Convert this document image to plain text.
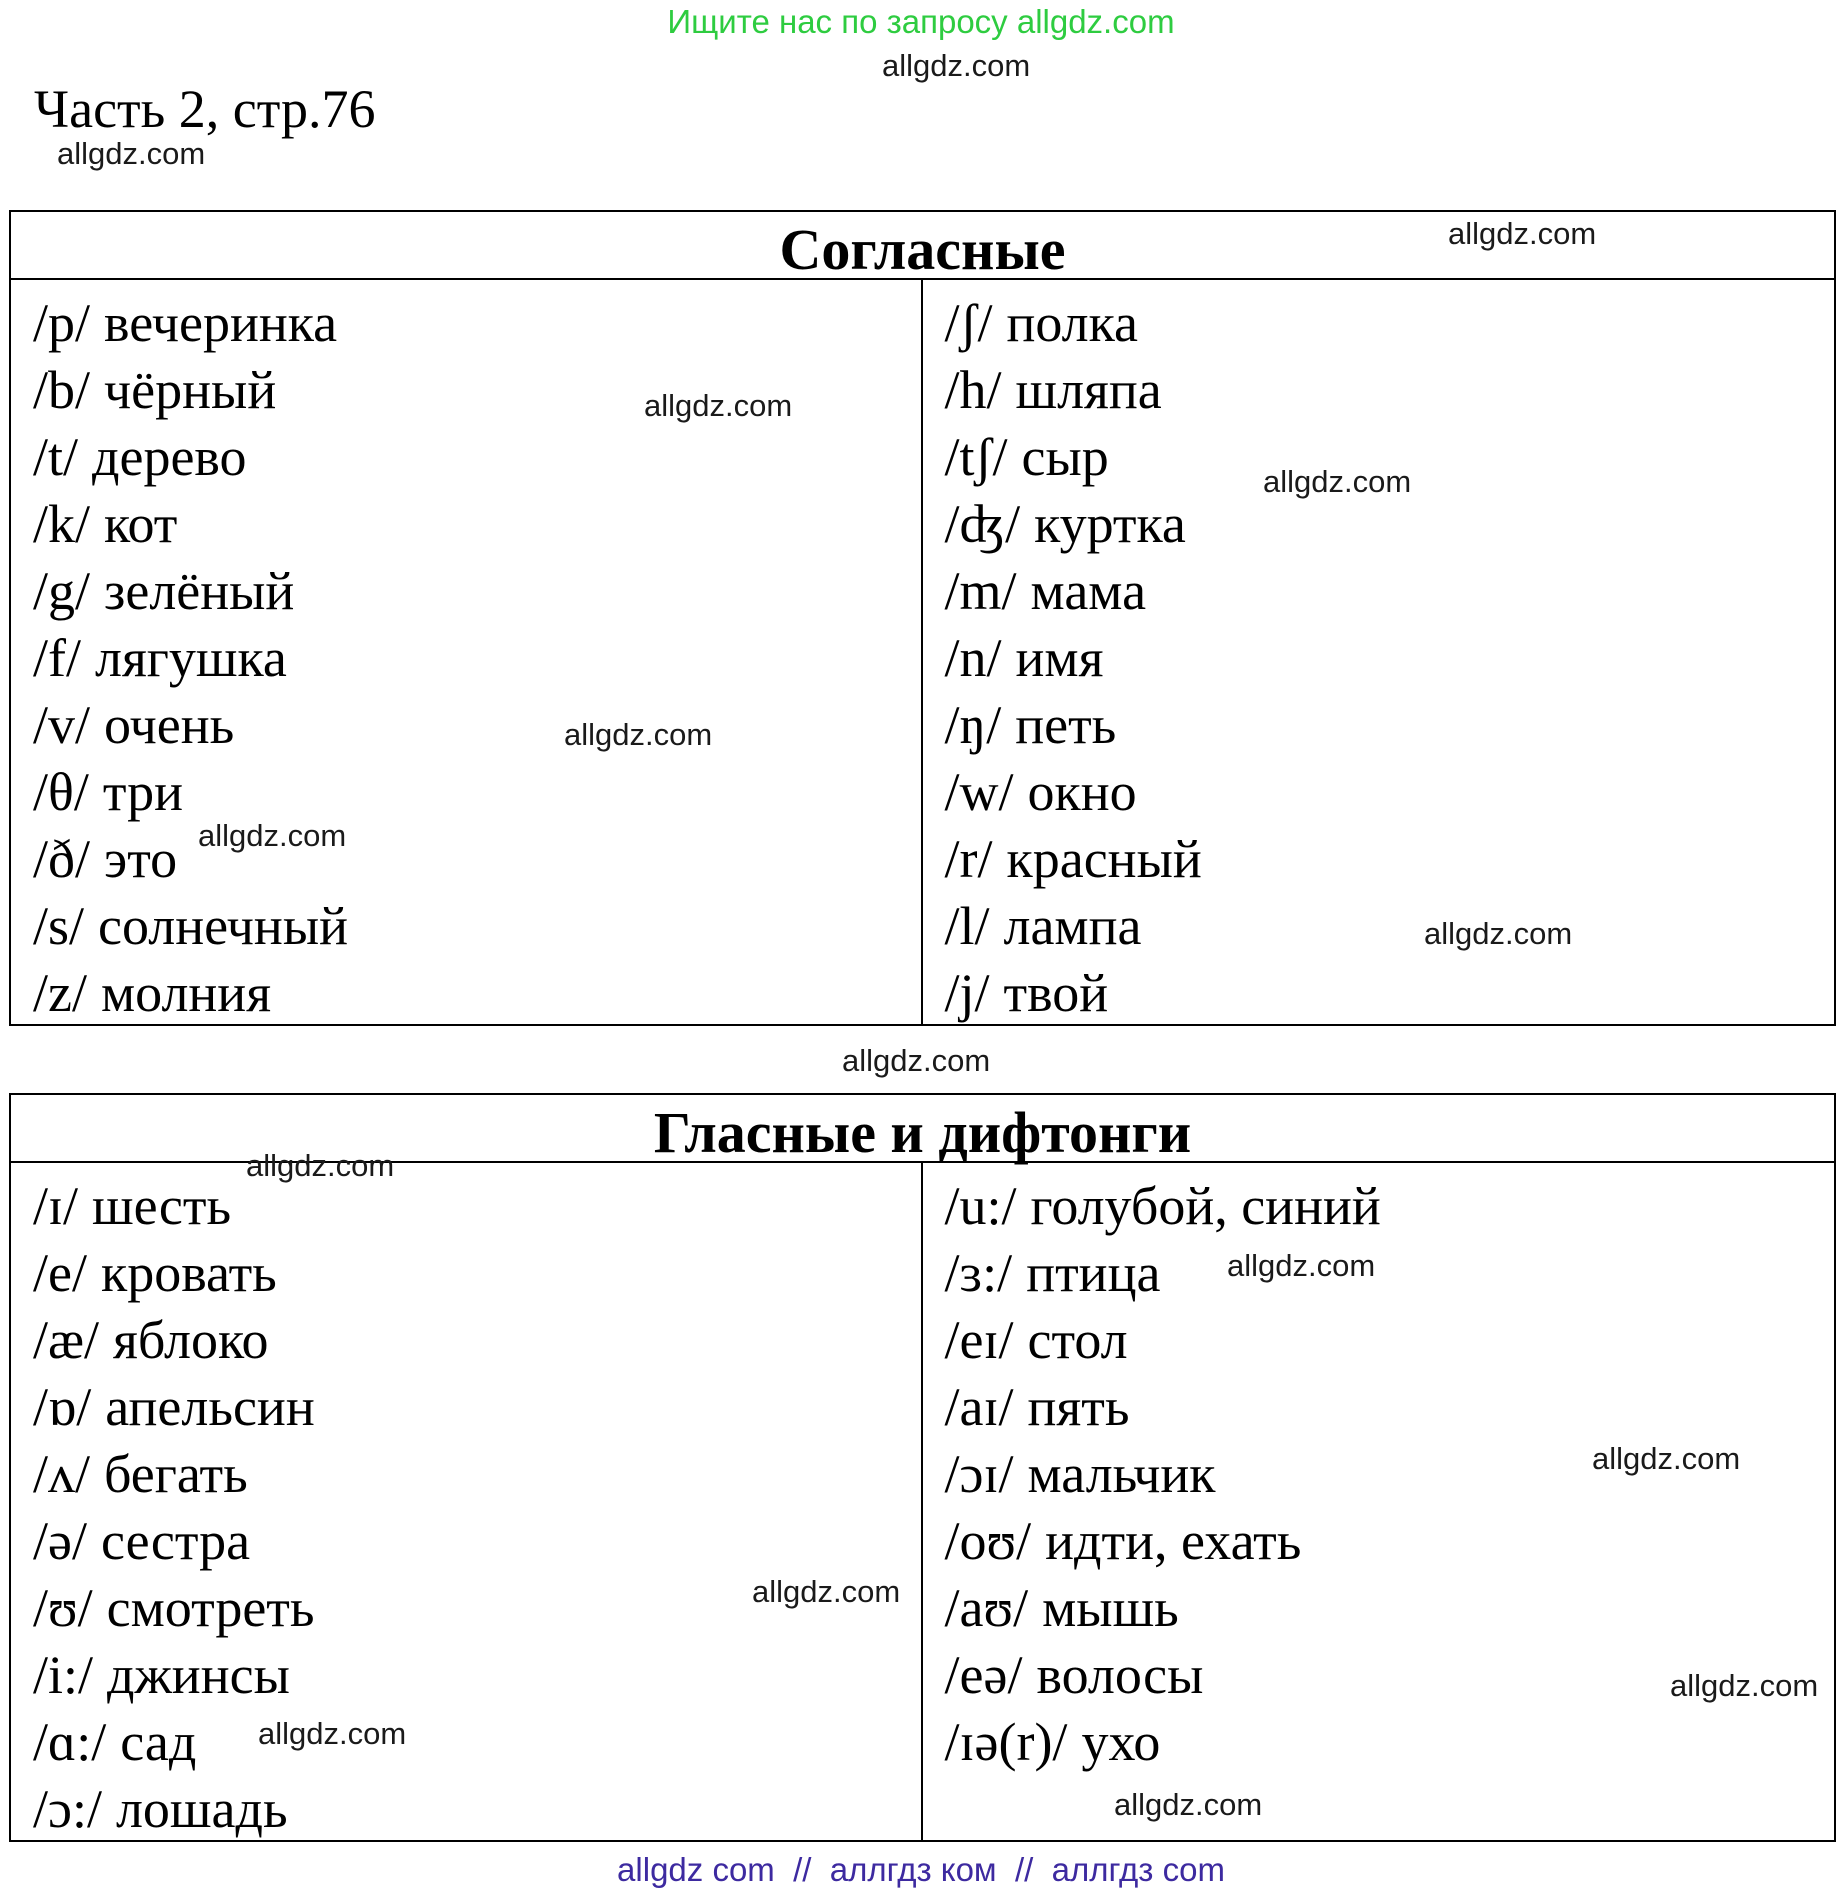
Ищите нас по запросу allgdz.com
allgdz.com
Часть 2, стр.76
allgdz.com
Согласные
/p/ вечеринка
/b/ чёрный
/t/ дерево
/k/ кот
/g/ зелёный
/f/ лягушка
/v/ очень
/θ/ три
/ð/ это
/s/ солнечный
/z/ молния
/ʃ/ полка
/h/ шляпа
/tʃ/ сыр
/ʤ/ куртка
/m/ мама
/n/ имя
/ŋ/ петь
/w/ окно
/r/ красный
/l/ лампа
/j/ твой
Гласные и дифтонги
/ɪ/ шесть
/e/ кровать
/æ/ яблоко
/ɒ/ апельсин
/ʌ/ бегать
/ə/ сестра
/ʊ/ смотреть
/i:/ джинсы
/ɑ:/ сад
/ɔ:/ лошадь
/u:/ голубой, синий
/ɜ:/ птица
/eɪ/ стол
/aɪ/ пять
/ɔɪ/ мальчик
/oʊ/ идти, ехать
/aʊ/ мышь
/eə/ волосы
/ɪə(r)/ ухо
allgdz.com
allgdz.com
allgdz.com
allgdz.com
allgdz.com
allgdz.com
allgdz.com
allgdz.com
allgdz.com
allgdz.com
allgdz.com
allgdz.com
allgdz.com
allgdz.com
allgdz com  //  аллгдз ком  //  аллгдз com
